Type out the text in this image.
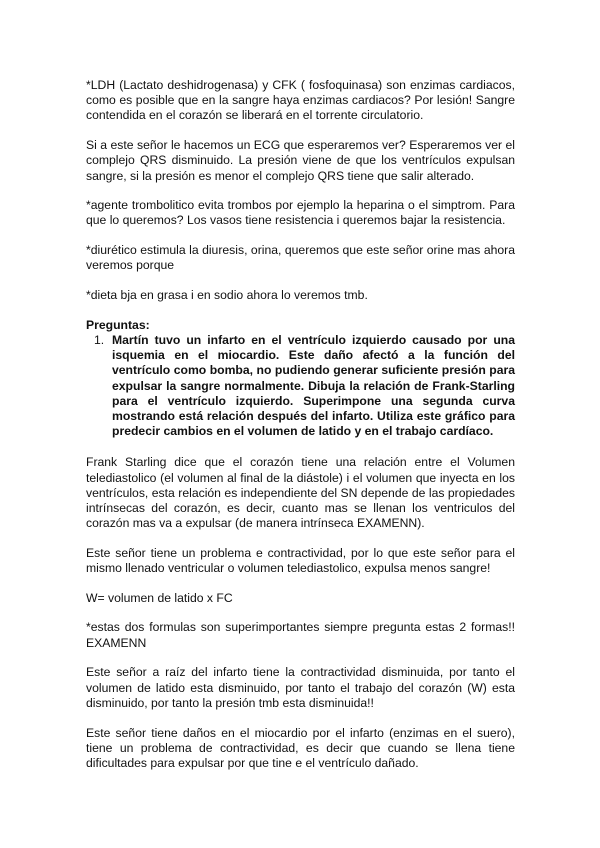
*LDH (Lactato deshidrogenasa) y CFK ( fosfoquinasa) son enzimas cardiacos, como es posible que en la sangre haya enzimas cardiacos? Por lesión! Sangre contendida en el corazón se liberará en el torrente circulatorio.

Si a este señor le hacemos un ECG que esperaremos ver? Esperaremos ver el complejo QRS disminuido. La presión viene de que los ventrículos expulsan sangre, si la presión es menor el complejo QRS tiene que salir alterado.

*agente trombolitico evita trombos por ejemplo la heparina o el simptrom. Para que lo queremos? Los vasos tiene resistencia i queremos bajar la resistencia.

*diurético estimula la diuresis, orina, queremos que este señor orine mas ahora veremos porque

*dieta bja en grasa i en sodio ahora lo veremos tmb.

Preguntas:
1. Martín tuvo un infarto en el ventrículo izquierdo causado por una isquemia en el miocardio. Este daño afectó a la función del ventrículo como bomba, no pudiendo generar suficiente presión para expulsar la sangre normalmente. Dibuja la relación de Frank-Starling para el ventrículo izquierdo. Superimpone una segunda curva mostrando está relación después del infarto. Utiliza este gráfico para predecir cambios en el volumen de latido y en el trabajo cardíaco.

Frank Starling dice que el corazón tiene una relación entre el Volumen telediastolico (el volumen al final de la diástole) i el volumen que inyecta en los ventrículos, esta relación es independiente del SN depende de las propiedades intrínsecas del corazón, es decir, cuanto mas se llenan los ventriculos del corazón mas va a expulsar (de manera intrínseca EXAMENN).

Este señor tiene un problema e contractividad, por lo que este señor para el mismo llenado ventricular o volumen telediastolico, expulsa menos sangre!

W= volumen de latido x FC

*estas dos formulas son superimportantes siempre pregunta estas 2 formas!! EXAMENN

Este señor a raíz del infarto tiene la contractividad disminuida, por tanto el volumen de latido esta disminuido, por tanto el trabajo del corazón (W) esta disminuido, por tanto la presión tmb esta disminuida!!

Este señor tiene daños en el miocardio por el infarto (enzimas en el suero), tiene un problema de contractividad, es decir que cuando se llena tiene dificultades para expulsar por que tine e el ventrículo dañado.
